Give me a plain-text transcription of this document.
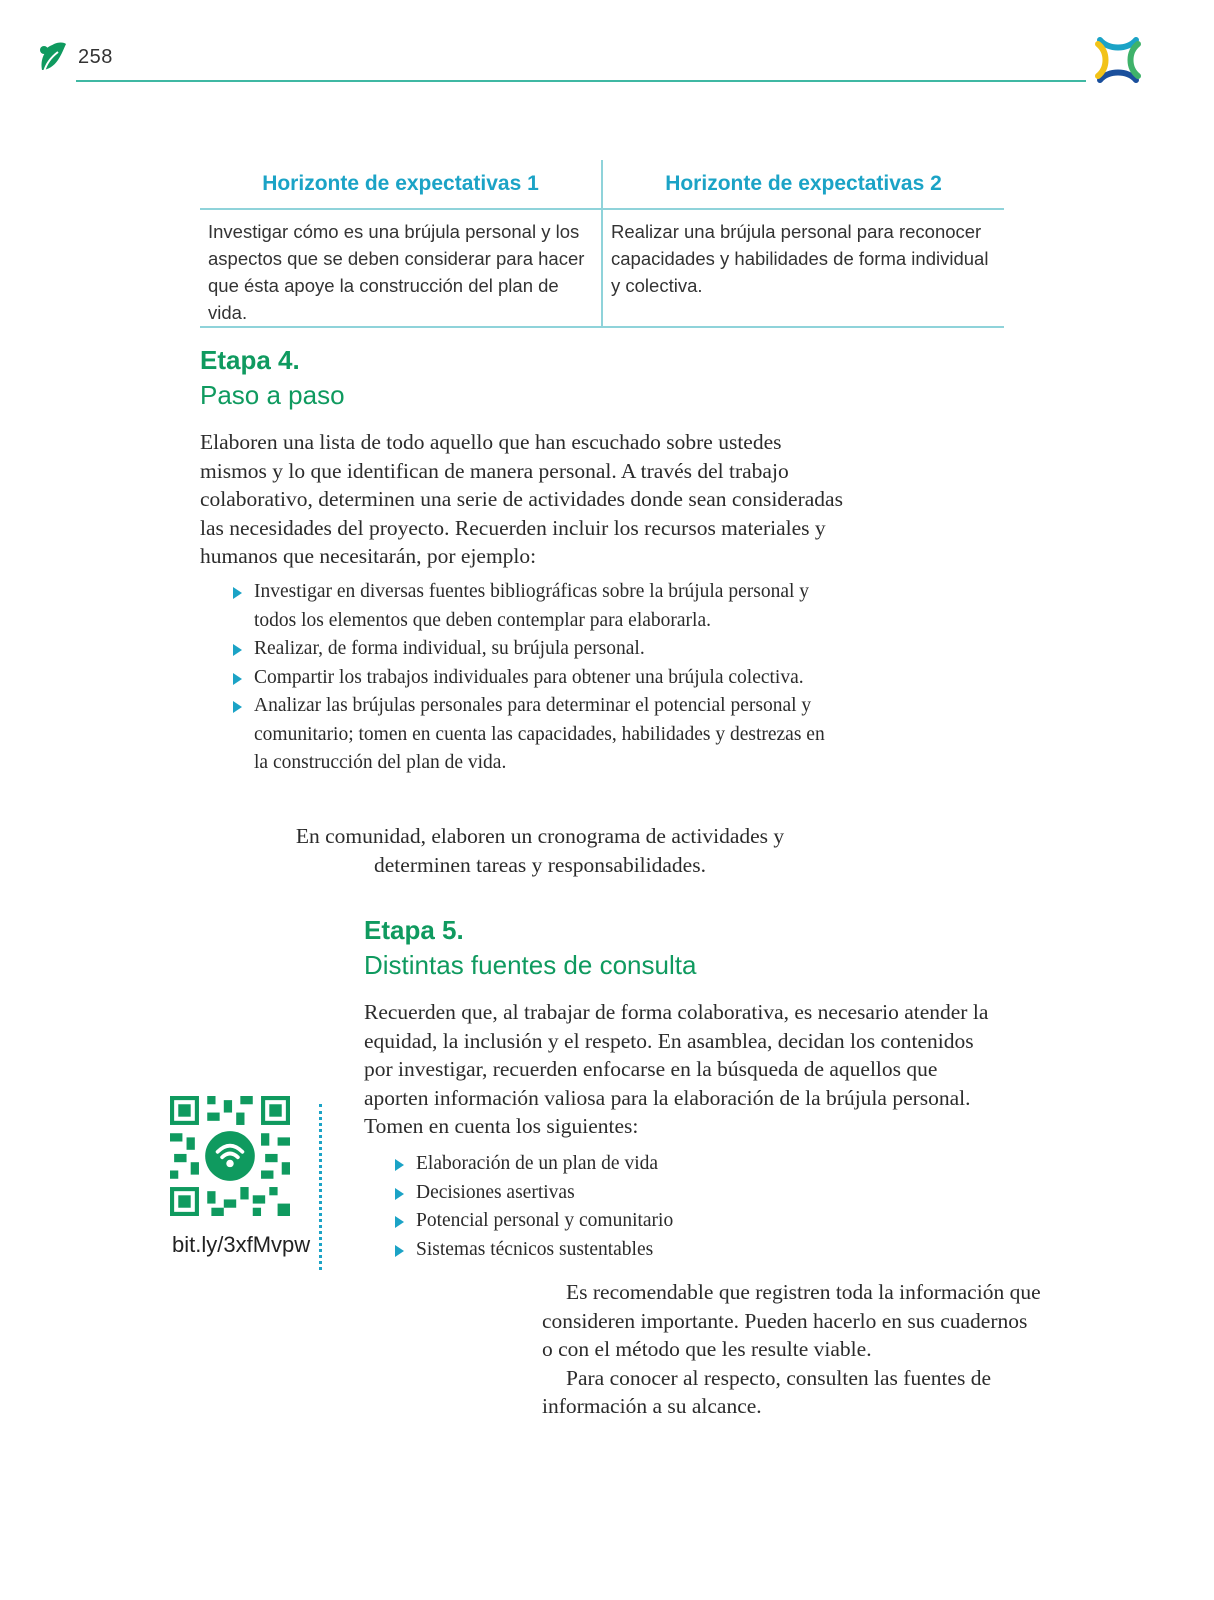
258
Horizonte de expectativas 1
Investigar cómo es una brújula personal y los aspectos que se deben considerar para hacer que ésta apoye la construcción del plan de vida.
Horizonte de expectativas 2
Realizar una brújula personal para reconocer capacidades y habilidades de forma individual y colectiva.
Etapa 4.
Paso a paso

Elaboren una lista de todo aquello que han escuchado sobre ustedes mismos y lo que identifican de manera personal. A través del trabajo colaborativo, determinen una serie de actividades donde sean consideradas las necesidades del proyecto. Recuerden incluir los recursos materiales y humanos que necesitarán, por ejemplo:

Investigar en diversas fuentes bibliográficas sobre la brújula personal y todos los elementos que deben contemplar para elaborarla.
Realizar, de forma individual, su brújula personal.
Compartir los trabajos individuales para obtener una brújula colectiva.
Analizar las brújulas personales para determinar el potencial personal y comunitario; tomen en cuenta las capacidades, habilidades y destrezas en la construcción del plan de vida.
En comunidad, elaboren un cronograma de actividades y determinen tareas y responsabilidades.
Etapa 5.
Distintas fuentes de consulta

Recuerden que, al trabajar de forma colaborativa, es necesario atender la equidad, la inclusión y el respeto. En asamblea, decidan los contenidos por investigar, recuerden enfocarse en la búsqueda de aquellos que aporten información valiosa para la elaboración de la brújula personal. Tomen en cuenta los siguientes:

Elaboración de un plan de vida
Decisiones asertivas
Potencial personal y comunitario
Sistemas técnicos sustentables
bit.ly/3xfMvpw

Es recomendable que registren toda la información que consideren importante. Pueden hacerlo en sus cuadernos o con el método que les resulte viable.

Para conocer al respecto, consulten las fuentes de información a su alcance.
